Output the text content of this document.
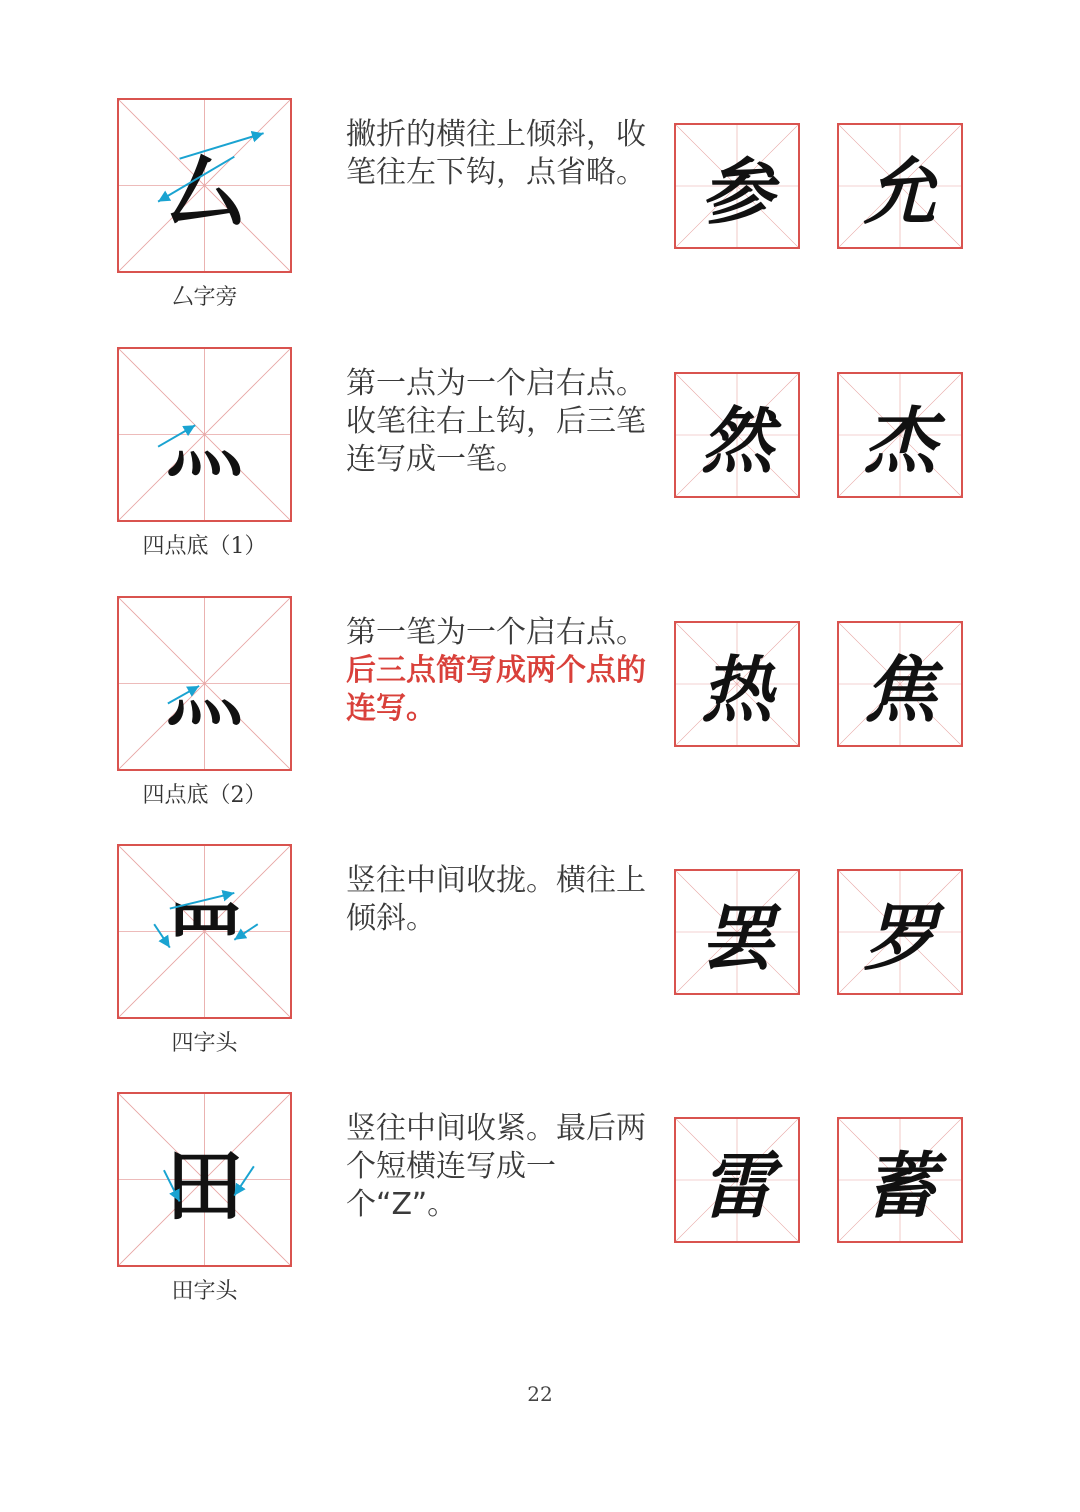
厶
厶字旁
撇折的横往上倾斜，收笔往左下钩，点省略。 参	允
灬
四点底（1）
第一点为一个启右点。收笔往右上钩，后三笔连写成一笔。	然	杰
灬
四点底（2）
第一笔为一个启右点。后三点简写成两个点的连写。	热	焦
罒
四字头
竖往中间收拢。横往上倾斜。	罢	罗
田
田字头
竖往中间收紧。最后两个短横连写成一个“Z”。	雷	蓄
22
